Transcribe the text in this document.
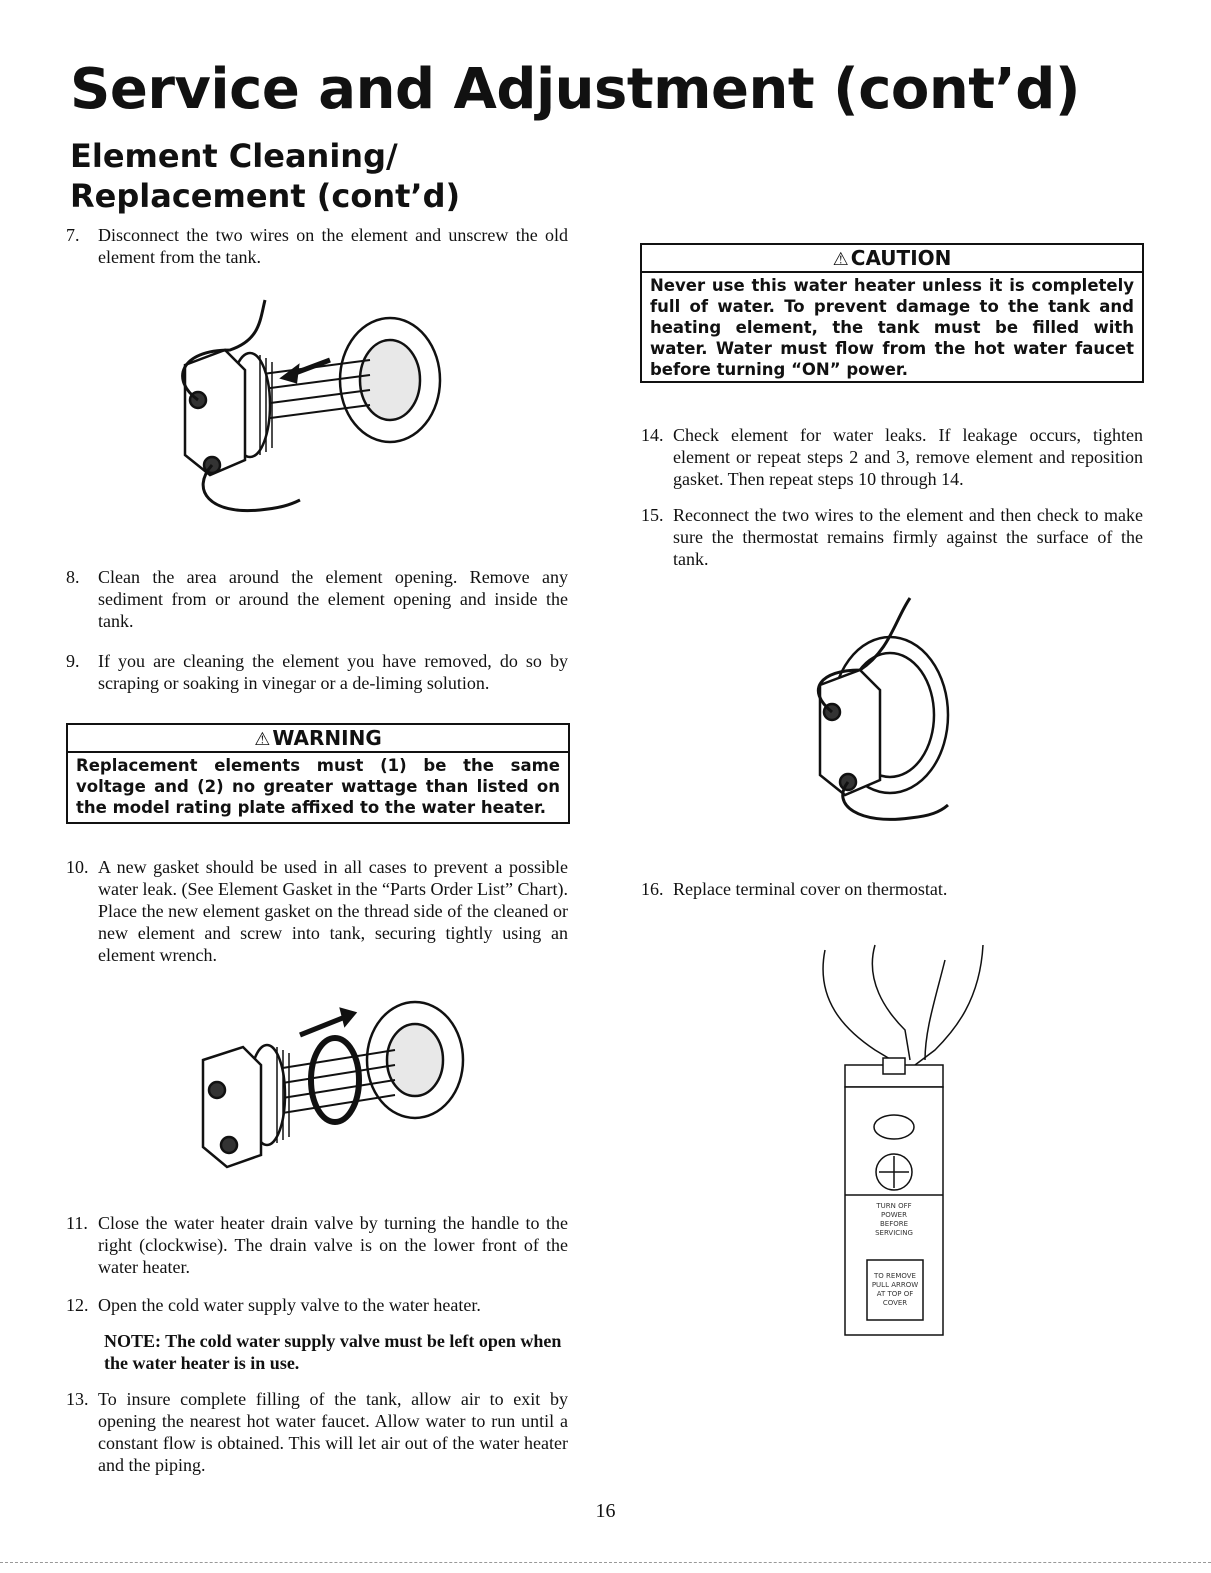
Service and Adjustment (cont’d)
Element Cleaning/
Replacement (cont’d)
7.	Disconnect the two wires on the element and unscrew the old element from the tank.
8.	Clean the area around the element opening. Remove any sediment from or around the element opening and inside the tank.
9.	If you are cleaning the element you have removed, do so by scraping or soaking in vinegar or a de-liming solution.
⚠ WARNING
Replacement elements must (1) be the same voltage and (2) no greater wattage than listed on the model rating plate affixed to the water heater.
10. A new gasket should be used in all cases to prevent a possible water leak. (See Element Gasket in the “Parts Order List” Chart). Place the new element gasket on the thread side of the cleaned or new element and screw into tank, securing tightly using an element wrench.
11. Close the water heater drain valve by turning the handle to the right (clockwise). The drain valve is on the lower front of the water heater.
12. Open the cold water supply valve to the water heater.
NOTE: The cold water supply valve must be left open when the water heater is in use.
13. To insure complete filling of the tank, allow air to exit by opening the nearest hot water faucet. Allow water to run until a constant flow is obtained. This will let air out of the water heater and the piping.
⚠ CAUTION
Never use this water heater unless it is completely full of water. To prevent damage to the tank and heating element, the tank must be filled with water. Water must flow from the hot water faucet before turning “ON” power.
14. Check element for water leaks. If leakage occurs, tighten element or repeat steps 2 and 3, remove element and reposition gasket. Then repeat steps 10 through 14.
15. Reconnect the two wires to the element and then check to make sure the thermostat remains firmly against the surface of the tank.
16. Replace terminal cover on thermostat.
TURN OFF
POWER
BEFORE
SERVICING
TO REMOVE
PULL ARROW
AT TOP OF
COVER
16
